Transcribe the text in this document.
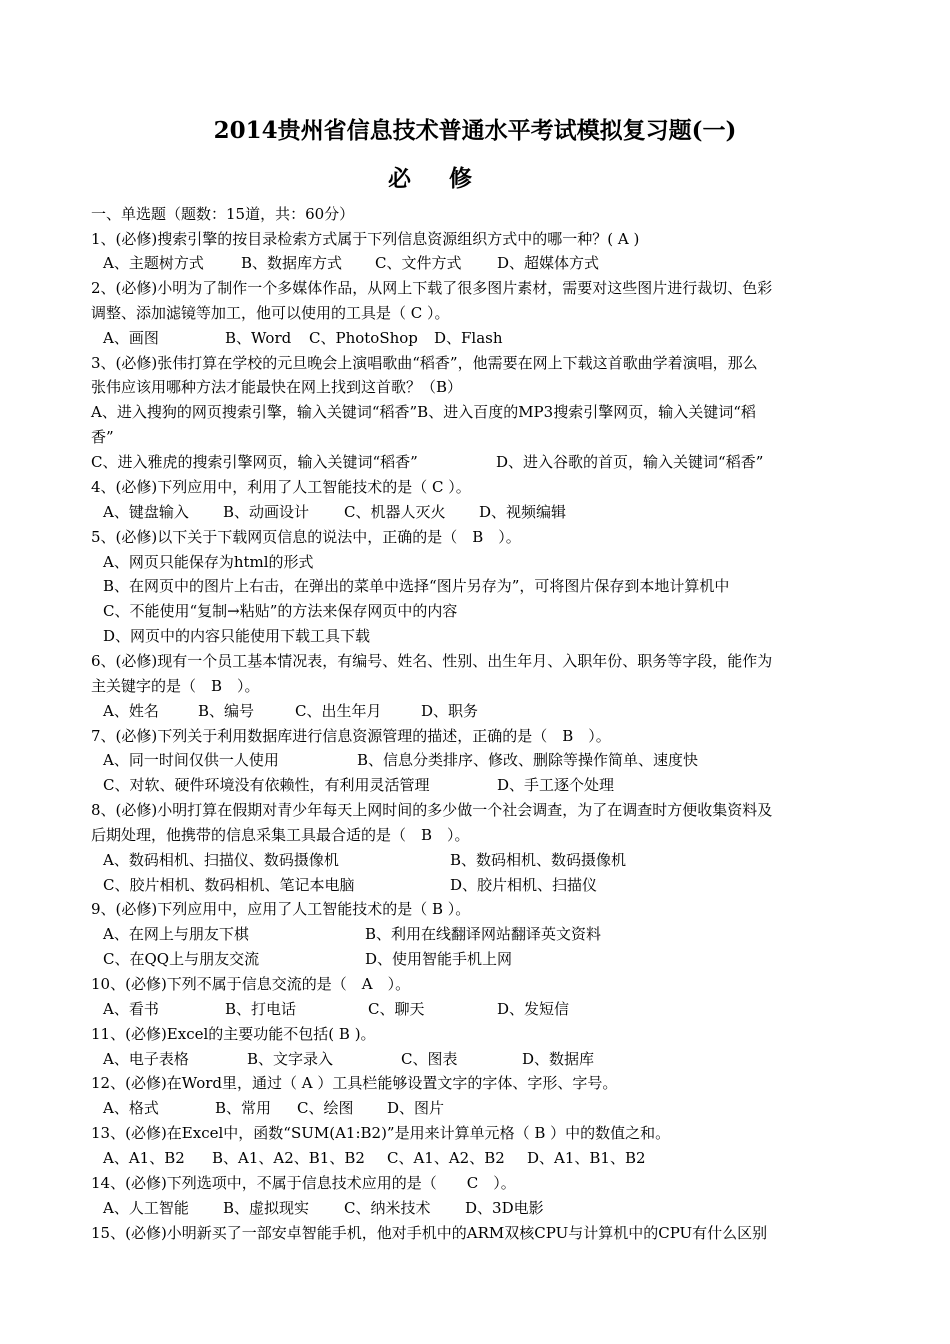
2014贵州省信息技术普通水平考试模拟复习题(一)
必修
一、单选题（题数：15道，共：60分）
1、(必修)搜索引擎的按目录检索方式属于下列信息资源组织方式中的哪一种？( A )
A、主题树方式 B、数据库方式 C、文件方式 D、超媒体方式
2、(必修)小明为了制作一个多媒体作品，从网上下载了很多图片素材，需要对这些图片进行裁切、色彩
调整、添加滤镜等加工，他可以使用的工具是（ C ）。
A、画图	B、Word C、PhotoShop D、Flash
3、(必修)张伟打算在学校的元旦晚会上演唱歌曲“稻香”，他需要在网上下载这首歌曲学着演唱，那么
张伟应该用哪种方法才能最快在网上找到这首歌？（B）
A、进入搜狗的网页搜索引擎，输入关键词“稻香”B、进入百度的MP3搜索引擎网页，输入关键词“稻
香”
C、进入雅虎的搜索引擎网页，输入关键词“稻香”	D、进入谷歌的首页，输入关键词“稻香”
4、(必修)下列应用中，利用了人工智能技术的是（ C ）。
A、键盘输入 B、动画设计 C、机器人灭火 D、视频编辑
5、(必修)以下关于下载网页信息的说法中，正确的是（　B　）。
A、网页只能保存为html的形式
B、在网页中的图片上右击，在弹出的菜单中选择“图片另存为”，可将图片保存到本地计算机中
C、不能使用“复制→粘贴”的方法来保存网页中的内容
D、网页中的内容只能使用下载工具下载
6、(必修)现有一个员工基本情况表，有编号、姓名、性别、出生年月、入职年份、职务等字段，能作为
主关键字的是（　B　）。
A、姓名	B、编号	C、出生年月	D、职务
7、(必修)下列关于利用数据库进行信息资源管理的描述，正确的是（　B　）。
A、同一时间仅供一人使用	B、信息分类排序、修改、删除等操作简单、速度快
C、对软、硬件环境没有依赖性，有利用灵活管理	D、手工逐个处理
8、(必修)小明打算在假期对青少年每天上网时间的多少做一个社会调查，为了在调查时方便收集资料及
后期处理，他携带的信息采集工具最合适的是（　B　）。
A、数码相机、扫描仪、数码摄像机	B、数码相机、数码摄像机
C、胶片相机、数码相机、笔记本电脑	D、胶片相机、扫描仪
9、(必修)下列应用中，应用了人工智能技术的是（ B ）。
A、在网上与朋友下棋	B、利用在线翻译网站翻译英文资料
C、在QQ上与朋友交流	D、使用智能手机上网
10、(必修)下列不属于信息交流的是（　A　）。
A、看书	B、打电话	C、聊天	D、发短信
11、(必修)Excel的主要功能不包括( B )。
A、电子表格	B、文字录入	C、图表	D、数据库
12、(必修)在Word里，通过（ A ）工具栏能够设置文字的字体、字形、字号。
A、格式	B、常用 C、绘图 D、图片
13、(必修)在Excel中，函数“SUM(A1:B2)”是用来计算单元格（ B ）中的数值之和。
A、A1、B2 B、A1、A2、B1、B2 C、A1、A2、B2 D、A1、B1、B2
14、(必修)下列选项中，不属于信息技术应用的是（　　C　）。
A、人工智能 B、虚拟现实 C、纳米技术 D、3D电影
15、(必修)小明新买了一部安卓智能手机，他对手机中的ARM双核CPU与计算机中的CPU有什么区别
